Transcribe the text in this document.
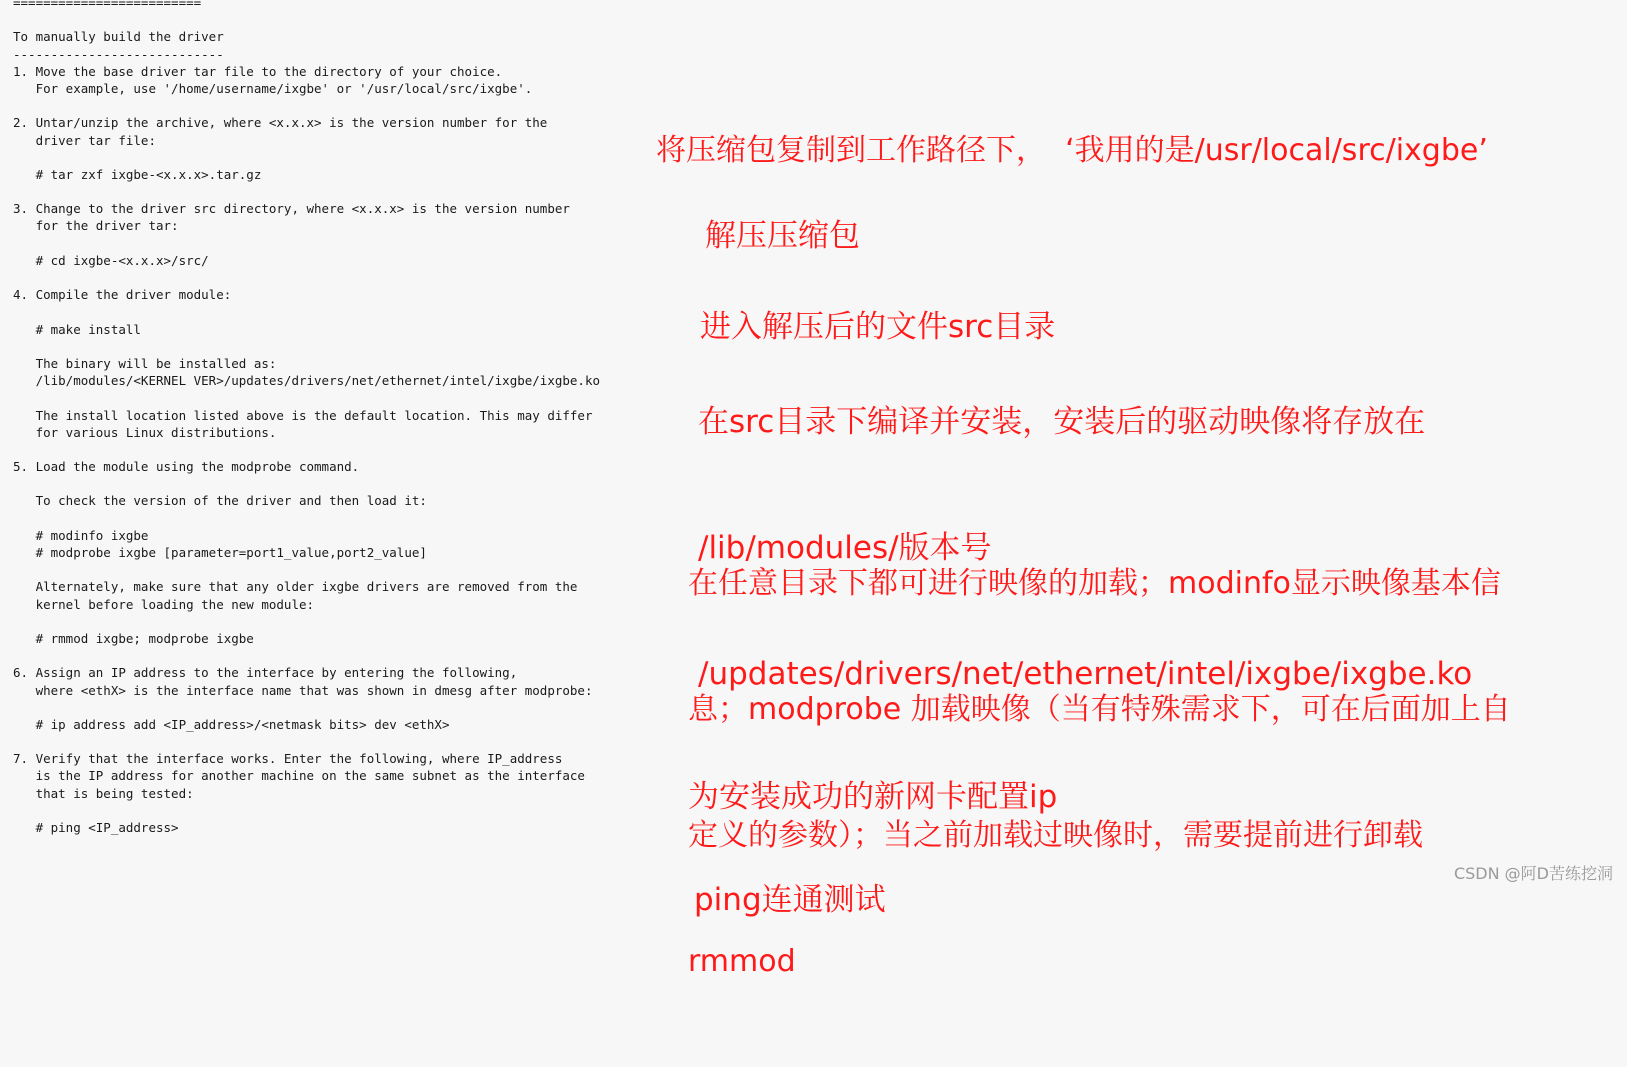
=========================
To manually build the driver
----------------------------
1. Move the base driver tar file to the directory of your choice.
For example, use '/home/username/ixgbe' or '/usr/local/src/ixgbe'.
2. Untar/unzip the archive, where <x.x.x> is the version number for the
driver tar file:
# tar zxf ixgbe-<x.x.x>.tar.gz
3. Change to the driver src directory, where <x.x.x> is the version number
for the driver tar:
# cd ixgbe-<x.x.x>/src/
4. Compile the driver module:
# make install
The binary will be installed as:
/lib/modules/<KERNEL VER>/updates/drivers/net/ethernet/intel/ixgbe/ixgbe.ko
The install location listed above is the default location. This may differ
for various Linux distributions.
5. Load the module using the modprobe command.
To check the version of the driver and then load it:
# modinfo ixgbe
# modprobe ixgbe [parameter=port1_value,port2_value]
Alternately, make sure that any older ixgbe drivers are removed from the
kernel before loading the new module:
# rmmod ixgbe; modprobe ixgbe
6. Assign an IP address to the interface by entering the following,
where <ethX> is the interface name that was shown in dmesg after modprobe:
# ip address add <IP_address>/<netmask bits> dev <ethX>
7. Verify that the interface works. Enter the following, where IP_address
is the IP address for another machine on the same subnet as the interface
that is being tested:
# ping <IP_address>

将压缩包复制到工作路径下，  ‘我用的是/usr/local/src/ixgbe’

解压压缩包

进入解压后的文件src目录

在src目录下编译并安装，安装后的驱动映像将存放在

/lib/modules/版本号

/updates/drivers/net/ethernet/intel/ixgbe/ixgbe.ko

在任意目录下都可进行映像的加载；modinfo显示映像基本信

息；modprobe 加载映像（当有特殊需求下，可在后面加上自

定义的参数）；当之前加载过映像时，需要提前进行卸载

rmmod

为安装成功的新网卡配置ip

ping连通测试

CSDN @阿D苦练挖洞
